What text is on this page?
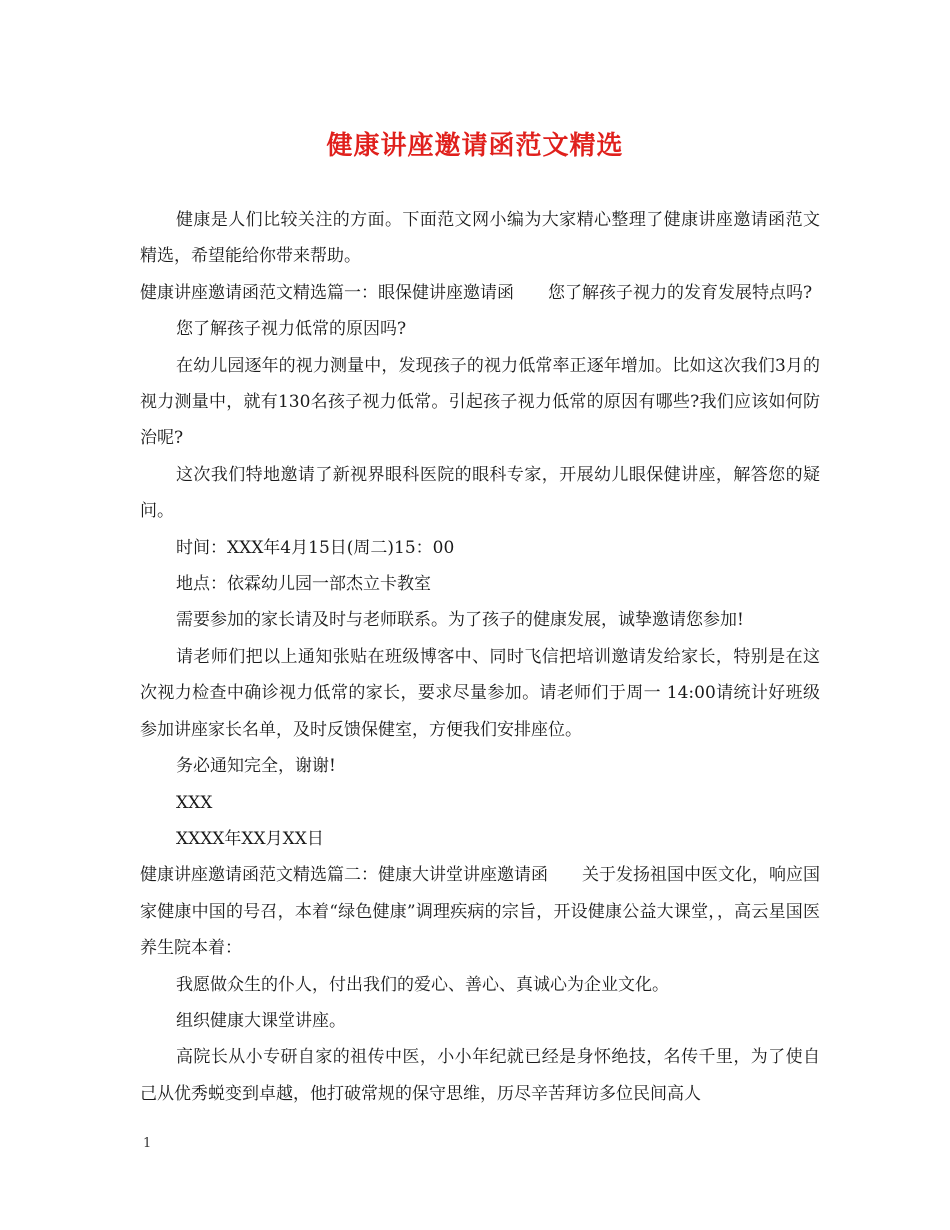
健康讲座邀请函范文精选

健康是人们比较关注的方面。下面范文网小编为大家精心整理了健康讲座邀请函范文精选，希望能给你带来帮助。

健康讲座邀请函范文精选篇一：眼保健讲座邀请函　　您了解孩子视力的发育发展特点吗?

您了解孩子视力低常的原因吗?

在幼儿园逐年的视力测量中，发现孩子的视力低常率正逐年增加。比如这次我们3月的视力测量中，就有130名孩子视力低常。引起孩子视力低常的原因有哪些?我们应该如何防治呢?

这次我们特地邀请了新视界眼科医院的眼科专家，开展幼儿眼保健讲座，解答您的疑问。

时间：XXX年4月15日(周二)15：00

地点：依霖幼儿园一部杰立卡教室

需要参加的家长请及时与老师联系。为了孩子的健康发展，诚挚邀请您参加!

请老师们把以上通知张贴在班级博客中、同时飞信把培训邀请发给家长，特别是在这次视力检查中确诊视力低常的家长，要求尽量参加。请老师们于周一 14:00请统计好班级参加讲座家长名单，及时反馈保健室，方便我们安排座位。

务必通知完全，谢谢!

XXX

XXXX年XX月XX日

健康讲座邀请函范文精选篇二：健康大讲堂讲座邀请函　　关于发扬祖国中医文化，响应国家健康中国的号召，本着“绿色健康”调理疾病的宗旨，开设健康公益大课堂，，高云星国医养生院本着：

我愿做众生的仆人，付出我们的爱心、善心、真诚心为企业文化。

组织健康大课堂讲座。

高院长从小专研自家的祖传中医，小小年纪就已经是身怀绝技，名传千里，为了使自己从优秀蜕变到卓越，他打破常规的保守思维，历尽辛苦拜访多位民间高人

1
